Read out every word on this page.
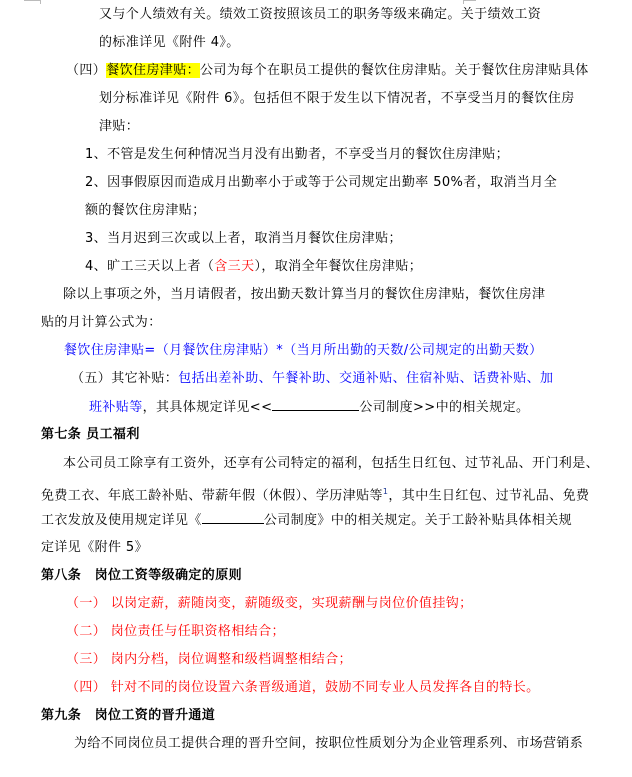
又与个人绩效有关。绩效工资按照该员工的职务等级来确定。关于绩效工资
的标准详见《附件 4》。
（四）餐饮住房津贴：公司为每个在职员工提供的餐饮住房津贴。关于餐饮住房津贴具体
划分标准详见《附件 6》。包括但不限于发生以下情况者，不享受当月的餐饮住房
津贴：
1、不管是发生何种情况当月没有出勤者，不享受当月的餐饮住房津贴；
2、因事假原因而造成月出勤率小于或等于公司规定出勤率 50%者，取消当月全
额的餐饮住房津贴；
3、当月迟到三次或以上者，取消当月餐饮住房津贴；
4、旷工三天以上者（含三天），取消全年餐饮住房津贴；
除以上事项之外，当月请假者，按出勤天数计算当月的餐饮住房津贴，餐饮住房津
贴的月计算公式为：
餐饮住房津贴=（月餐饮住房津贴）*（当月所出勤的天数/公司规定的出勤天数）
（五）其它补贴：包括出差补助、午餐补助、交通补贴、住宿补贴、话费补贴、加
班补贴等，其具体规定详见<<	公司制度>>中的相关规定。
第七条 员工福利
本公司员工除享有工资外，还享有公司特定的福利，包括生日红包、过节礼品、开门利是、
免费工衣、年底工龄补贴、带薪年假（休假）、学历津贴等$^1$，其中生日红包、过节礼品、免费
工衣发放及使用规定详见《	公司制度》中的相关规定。关于工龄补贴具体相关规
定详见《附件 5》
第八条　岗位工资等级确定的原则
（一） 以岗定薪，薪随岗变，薪随级变，实现薪酬与岗位价值挂钩；
（二） 岗位责任与任职资格相结合；
（三） 岗内分档，岗位调整和级档调整相结合；
（四） 针对不同的岗位设置六条晋级通道，鼓励不同专业人员发挥各自的特长。
第九条　岗位工资的晋升通道
为给不同岗位员工提供合理的晋升空间，按职位性质划分为企业管理系列、市场营销系
